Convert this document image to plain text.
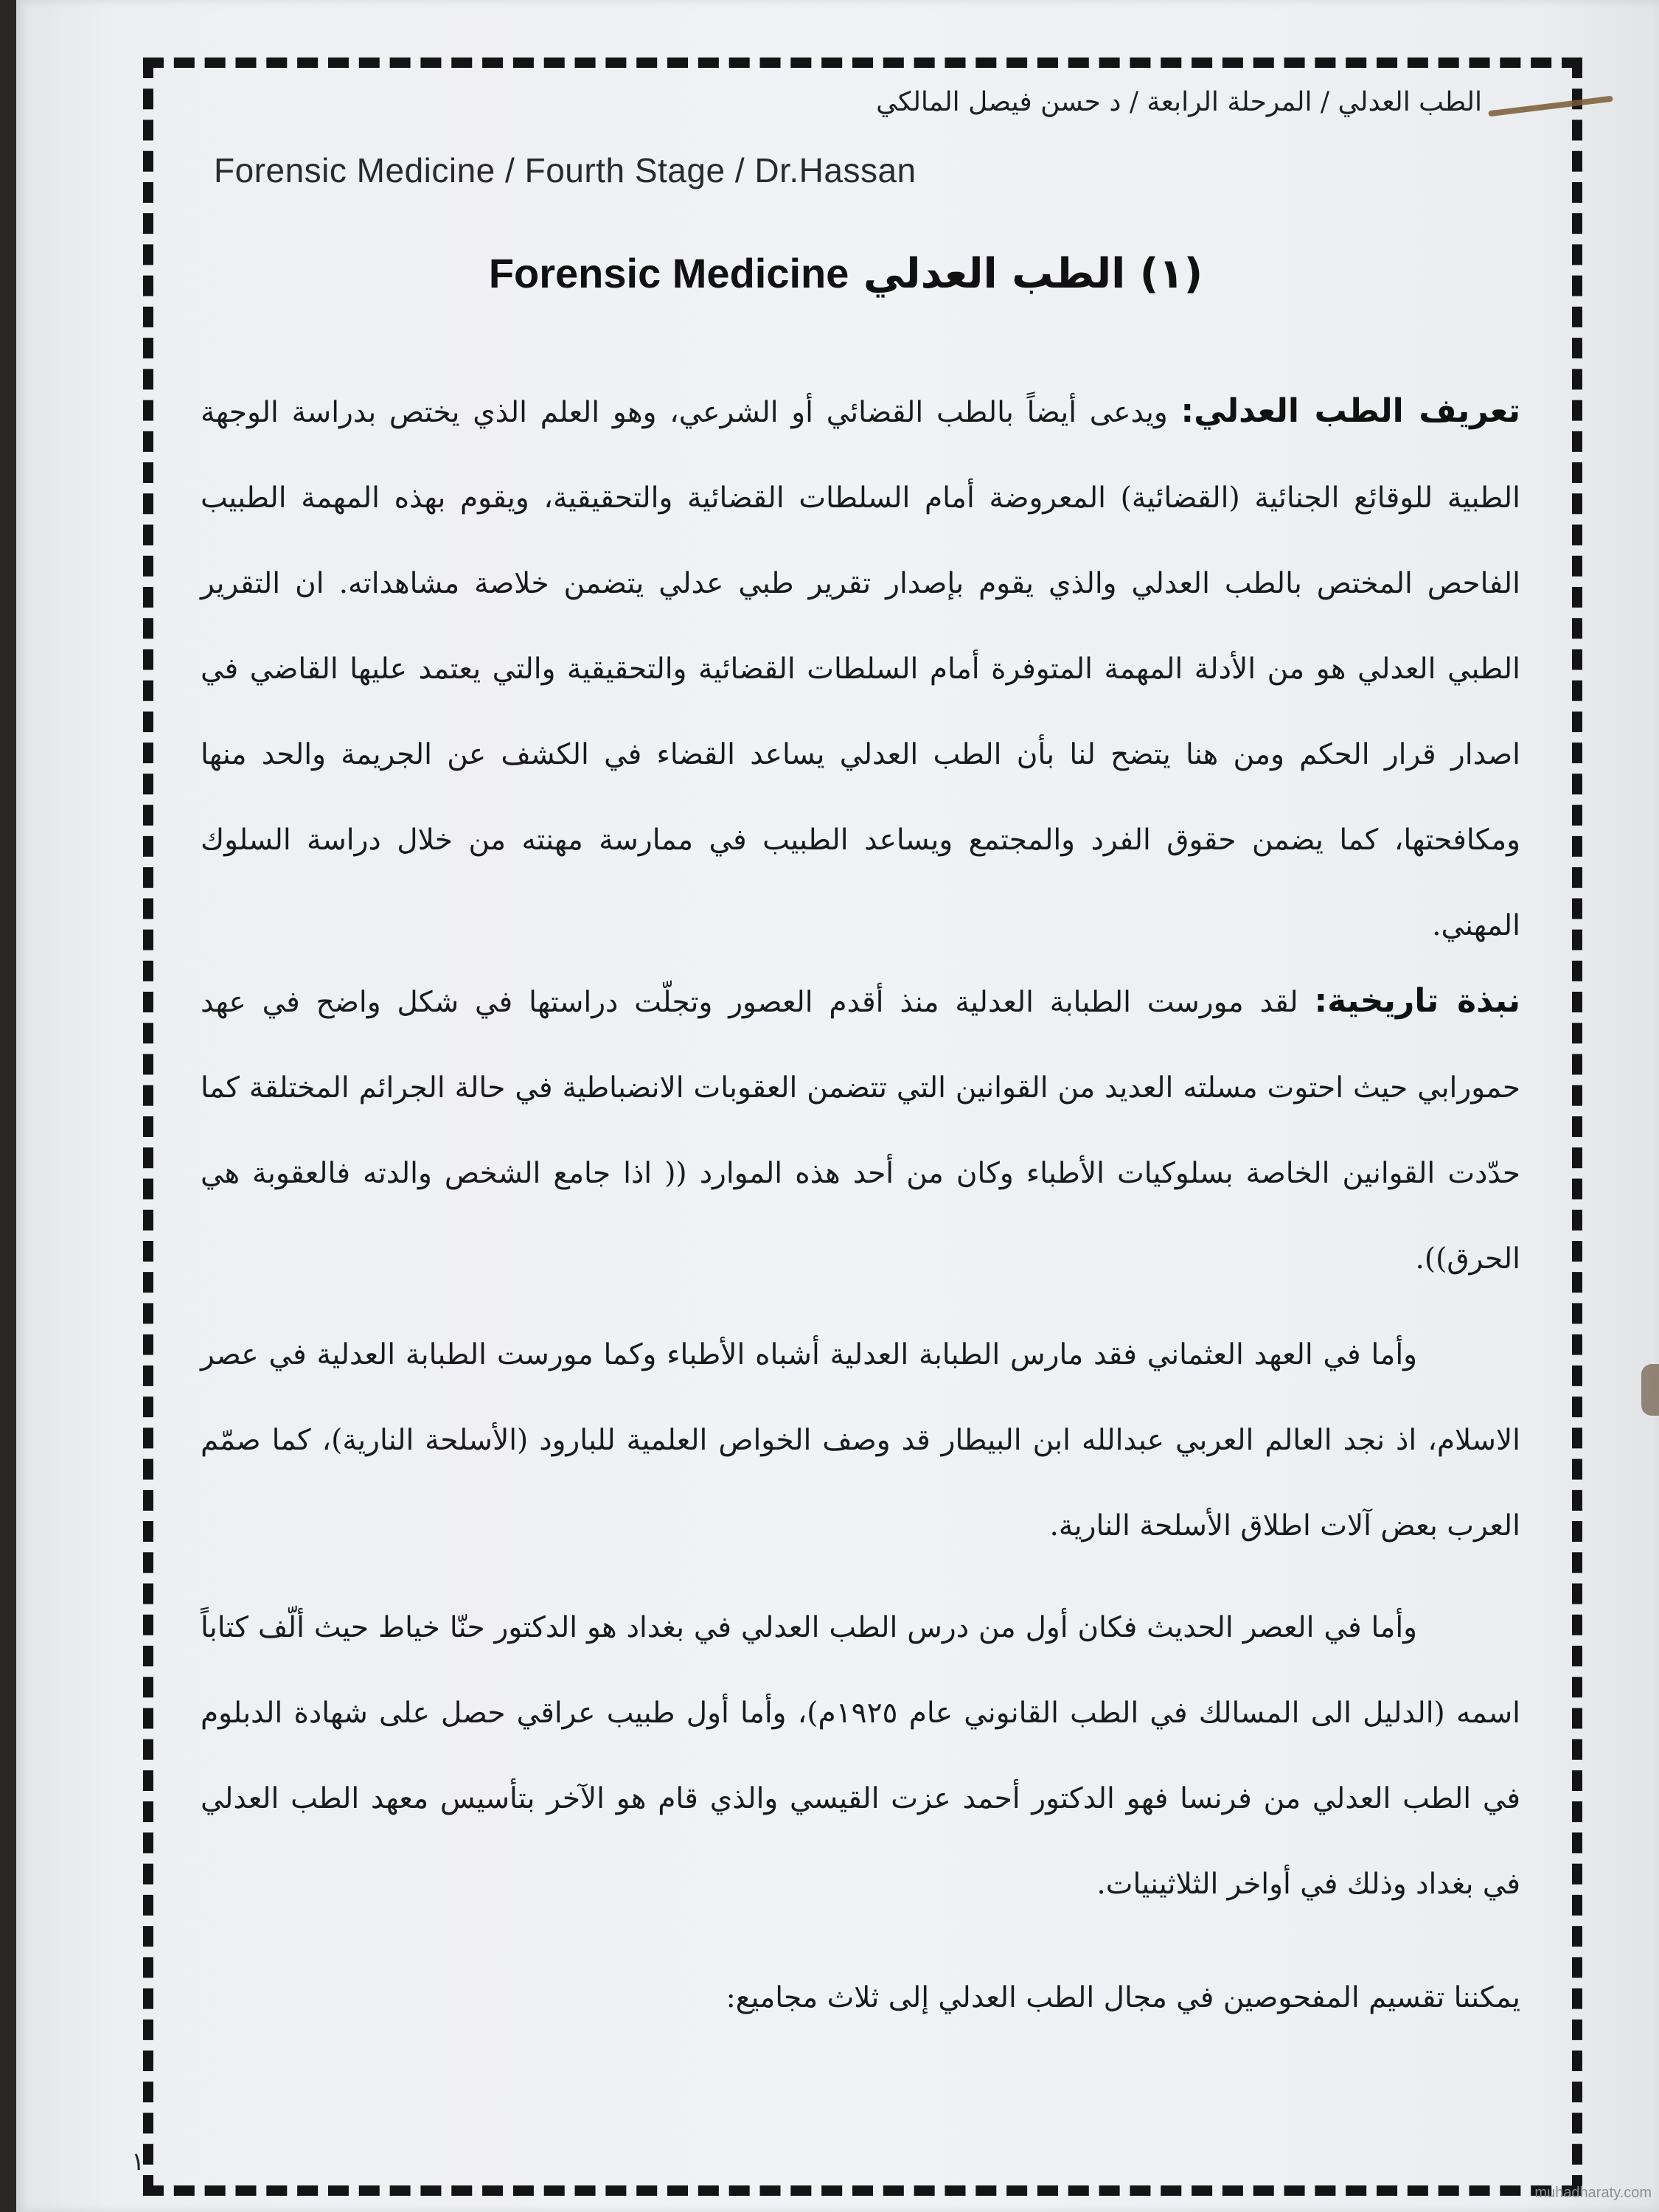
الطب العدلي / المرحلة الرابعة / د حسن فيصل المالكي
Forensic Medicine / Fourth Stage / Dr.Hassan
(١) الطب العدلي Forensic Medicine
تعريف الطب العدلي: ويدعى أيضاً بالطب القضائي أو الشرعي، وهو العلم الذي يختص بدراسة الوجهة الطبية للوقائع الجنائية (القضائية) المعروضة أمام السلطات القضائية والتحقيقية، ويقوم بهذه المهمة الطبيب الفاحص المختص بالطب العدلي والذي يقوم بإصدار تقرير طبي عدلي يتضمن خلاصة مشاهداته. ان التقرير الطبي العدلي هو من الأدلة المهمة المتوفرة أمام السلطات القضائية والتحقيقية والتي يعتمد عليها القاضي في اصدار قرار الحكم ومن هنا يتضح لنا بأن الطب العدلي يساعد القضاء في الكشف عن الجريمة والحد منها ومكافحتها، كما يضمن حقوق الفرد والمجتمع ويساعد الطبيب في ممارسة مهنته من خلال دراسة السلوك المهني.
نبذة تاريخية: لقد مورست الطبابة العدلية منذ أقدم العصور وتجلّت دراستها في شكل واضح في عهد حمورابي حيث احتوت مسلته العديد من القوانين التي تتضمن العقوبات الانضباطية في حالة الجرائم المختلقة كما حدّدت القوانين الخاصة بسلوكيات الأطباء وكان من أحد هذه الموارد (( اذا جامع الشخص والدته فالعقوبة هي الحرق)).
وأما في العهد العثماني فقد مارس الطبابة العدلية أشباه الأطباء وكما مورست الطبابة العدلية في عصر الاسلام، اذ نجد العالم العربي عبدالله ابن البيطار قد وصف الخواص العلمية للبارود (الأسلحة النارية)، كما صمّم العرب بعض آلات اطلاق الأسلحة النارية.
وأما في العصر الحديث فكان أول من درس الطب العدلي في بغداد هو الدكتور حنّا خياط حيث ألّف كتاباً اسمه (الدليل الى المسالك في الطب القانوني عام ١٩٢٥م)، وأما أول طبيب عراقي حصل على شهادة الدبلوم في الطب العدلي من فرنسا فهو الدكتور أحمد عزت القيسي والذي قام هو الآخر بتأسيس معهد الطب العدلي في بغداد وذلك في أواخر الثلاثينيات.
يمكننا تقسيم المفحوصين في مجال الطب العدلي إلى ثلاث مجاميع:
١
muhadharaty.com
